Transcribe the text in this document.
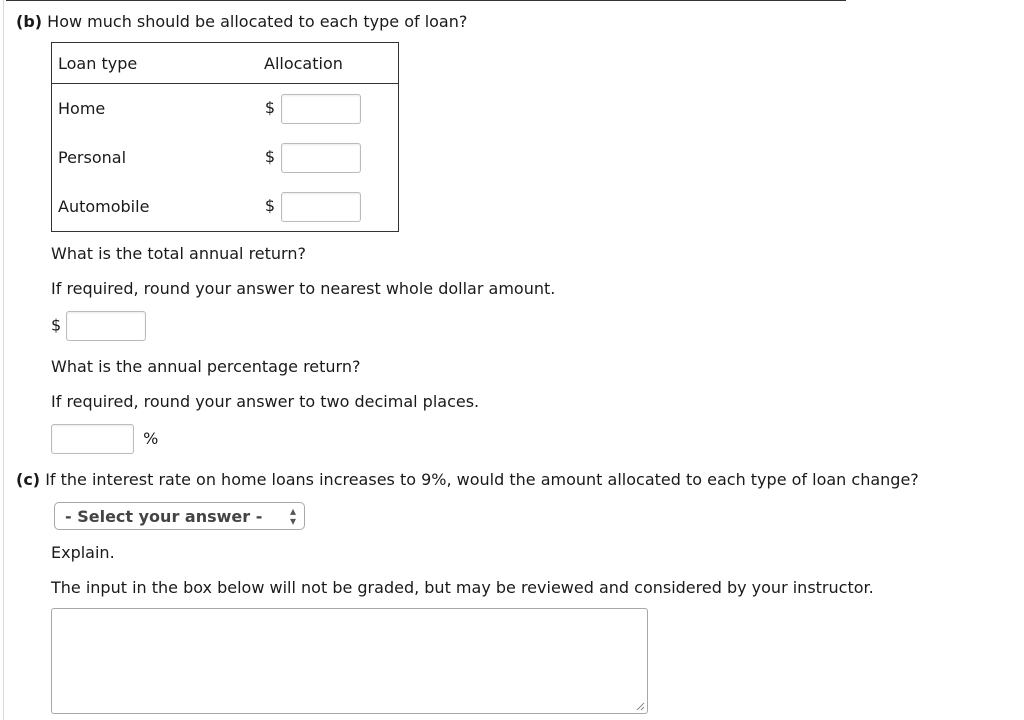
(b) How much should be allocated to each type of loan?
Loan type	Allocation
Home	$
Personal	$
Automobile	$
What is the total annual return?
If required, round your answer to nearest whole dollar amount.
$
What is the annual percentage return?
If required, round your answer to two decimal places.
%
(c) If the interest rate on home loans increases to 9%, would the amount allocated to each type of loan change?
- Select your answer - ▴
▾
Explain.
The input in the box below will not be graded, but may be reviewed and considered by your instructor.
